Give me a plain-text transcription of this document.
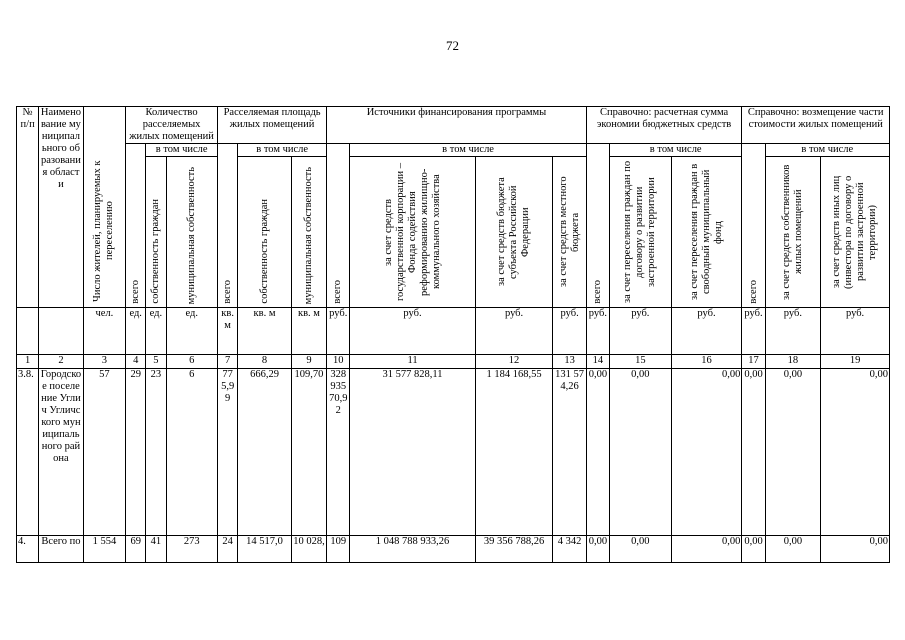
72
№ п/п	Наименование муниципального образования области	Число жителей, планируемых к переселению	Количество расселяемых жилых помещений			Расселяемая площадь жилых помещений			Источники финансирования программы				Справочно: расчетная сумма экономии бюджетных средств			Справочно: возмещение части стоимости жилых помещений		

			всего	в том числе		всего	в том числе		всего	в том числе			всего	в том числе		всего	в том числе	

				собственность граждан	муниципальная собственность		собственность граждан	муниципальная собственность		за счет средств государственной корпорации – Фонда содействия реформированию жилищно-коммунального хозяйства	за счет средств бюджета субъекта Российской Федерации	за счет средств местного бюджета		за счет переселения граждан по договору о развитии застроенной территории	за счет переселения граждан в свободный муниципальный фонд		за счет средств собственников жилых помещений	за счет средств иных лиц (инвестора по договору о развитии застроенной территории)

		чел.	ед.	ед.	ед.	кв. м	кв. м	кв. м	руб.	руб.	руб.	руб.	руб.	руб.	руб.	руб.	руб.	руб.
1	2	3	4	5	6	7	8	9	10	11	12	13	14	15	16	17	18	19
3.8.	Городское поселение Углич Угличского муниципального района	57	29	23	6	775,99	666,29	109,70	32893570,92	31 577 828,11	1 184 168,55	131 574,26	0,00	0,00	0,00	0,00	0,00	0,00
4.	Всего по	1 554	69	41	273	24	14 517,0	10 028,	109	1 048 788 933,26	39 356 788,26	4 342	0,00	0,00	0,00	0,00	0,00	0,00
